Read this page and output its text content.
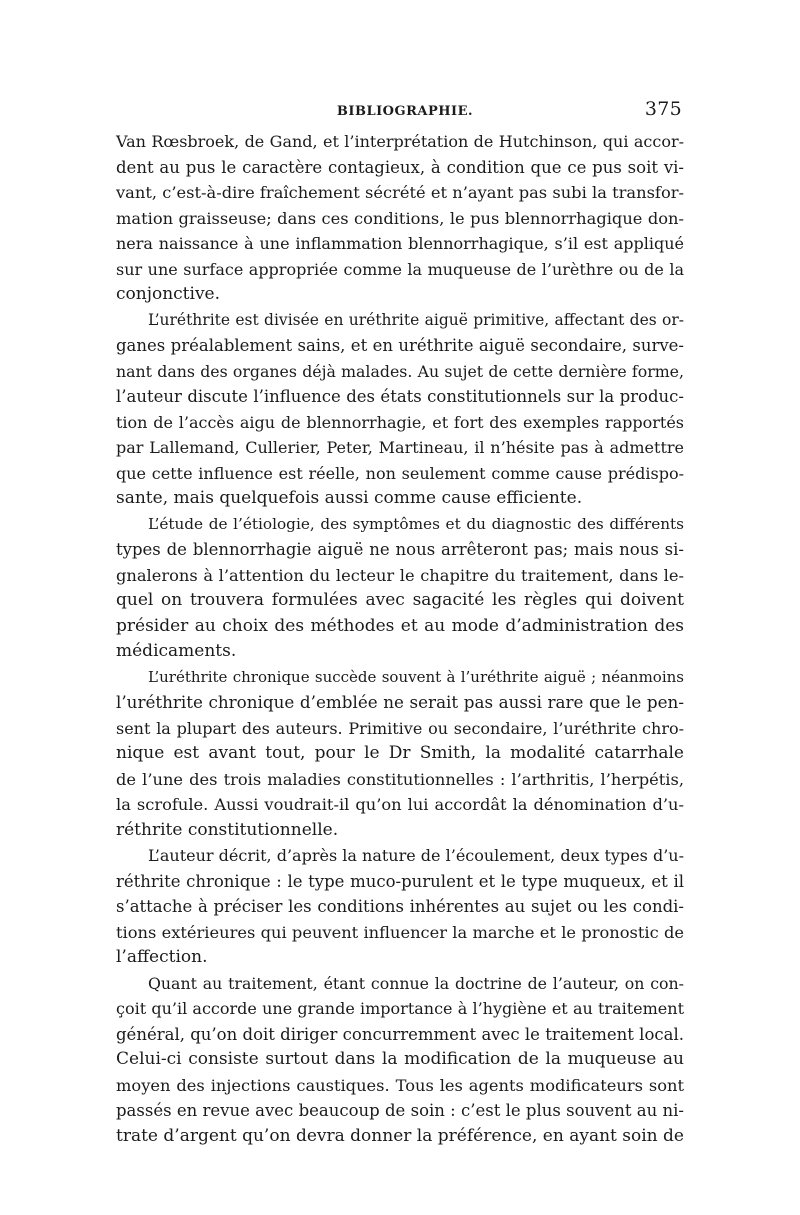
BIBLIOGRAPHIE.	375
Van Rœsbroek, de Gand, et l’interprétation de Hutchinson, qui accor-
dent au pus le caractère contagieux, à condition que ce pus soit vi-
vant, c’est-à-dire fraîchement sécrété et n’ayant pas subi la transfor-
mation graisseuse; dans ces conditions, le pus blennorrhagique don-
nera naissance à une inflammation blennorrhagique, s’il est appliqué
sur une surface appropriée comme la muqueuse de l’urèthre ou de la
conjonctive.
L’uréthrite est divisée en uréthrite aiguë primitive, affectant des or-
ganes préalablement sains, et en uréthrite aiguë secondaire, surve-
nant dans des organes déjà malades. Au sujet de cette dernière forme,
l’auteur discute l’influence des états constitutionnels sur la produc-
tion de l’accès aigu de blennorrhagie, et fort des exemples rapportés
par Lallemand, Cullerier, Peter, Martineau, il n’hésite pas à admettre
que cette influence est réelle, non seulement comme cause prédispo-
sante, mais quelquefois aussi comme cause efficiente.
L’étude de l’étiologie, des symptômes et du diagnostic des différents
types de blennorrhagie aiguë ne nous arrêteront pas; mais nous si-
gnalerons à l’attention du lecteur le chapitre du traitement, dans le-
quel on trouvera formulées avec sagacité les règles qui doivent
présider au choix des méthodes et au mode d’administration des
médicaments.
L’uréthrite chronique succède souvent à l’uréthrite aiguë ; néanmoins
l’uréthrite chronique d’emblée ne serait pas aussi rare que le pen-
sent la plupart des auteurs. Primitive ou secondaire, l’uréthrite chro-
nique est avant tout, pour le Dr Smith, la modalité catarrhale
de l’une des trois maladies constitutionnelles : l’arthritis, l’herpétis,
la scrofule. Aussi voudrait-il qu’on lui accordât la dénomination d’u-
réthrite constitutionnelle.
L’auteur décrit, d’après la nature de l’écoulement, deux types d’u-
réthrite chronique : le type muco-purulent et le type muqueux, et il
s’attache à préciser les conditions inhérentes au sujet ou les condi-
tions extérieures qui peuvent influencer la marche et le pronostic de
l’affection.
Quant au traitement, étant connue la doctrine de l’auteur, on con-
çoit qu’il accorde une grande importance à l’hygiène et au traitement
général, qu’on doit diriger concurremment avec le traitement local.
Celui-ci consiste surtout dans la modification de la muqueuse au
moyen des injections caustiques. Tous les agents modificateurs sont
passés en revue avec beaucoup de soin : c’est le plus souvent au ni-
trate d’argent qu’on devra donner la préférence, en ayant soin de
